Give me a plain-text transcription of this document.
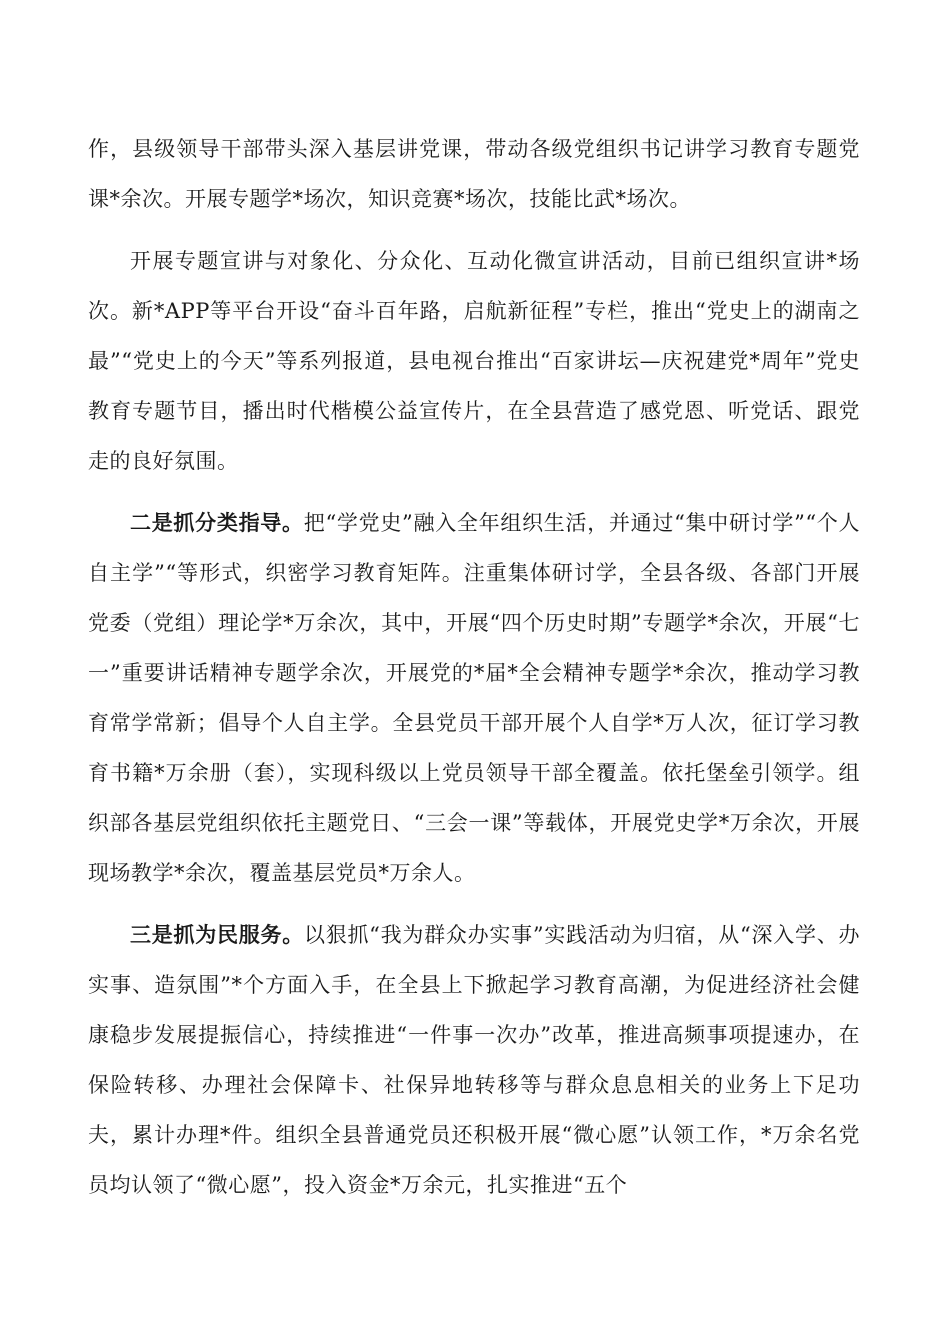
作，县级领导干部带头深入基层讲党课，带动各级党组织书记讲学习教育专题党课*余次。开展专题学*场次，知识竞赛*场次，技能比武*场次。

开展专题宣讲与对象化、分众化、互动化微宣讲活动，目前已组织宣讲*场次。新*APP等平台开设“奋斗百年路，启航新征程”专栏，推出“党史上的湖南之最”“党史上的今天”等系列报道，县电视台推出“百家讲坛—庆祝建党*周年”党史教育专题节目，播出时代楷模公益宣传片，在全县营造了感党恩、听党话、跟党走的良好氛围。

二是抓分类指导。把“学党史”融入全年组织生活，并通过“集中研讨学”“个人自主学”“等形式，织密学习教育矩阵。注重集体研讨学，全县各级、各部门开展党委（党组）理论学*万余次，其中，开展“四个历史时期”专题学*余次，开展“七一”重要讲话精神专题学余次，开展党的*届*全会精神专题学*余次，推动学习教育常学常新；倡导个人自主学。全县党员干部开展个人自学*万人次，征订学习教育书籍*万余册（套），实现科级以上党员领导干部全覆盖。依托堡垒引领学。组织部各基层党组织依托主题党日、“三会一课”等载体，开展党史学*万余次，开展现场教学*余次，覆盖基层党员*万余人。

三是抓为民服务。以狠抓“我为群众办实事”实践活动为归宿，从“深入学、办实事、造氛围”*个方面入手，在全县上下掀起学习教育高潮，为促进经济社会健康稳步发展提振信心，持续推进“一件事一次办”改革，推进高频事项提速办，在保险转移、办理社会保障卡、社保异地转移等与群众息息相关的业务上下足功夫，累计办理*件。组织全县普通党员还积极开展“微心愿”认领工作，*万余名党员均认领了“微心愿”，投入资金*万余元，扎实推进“五个
